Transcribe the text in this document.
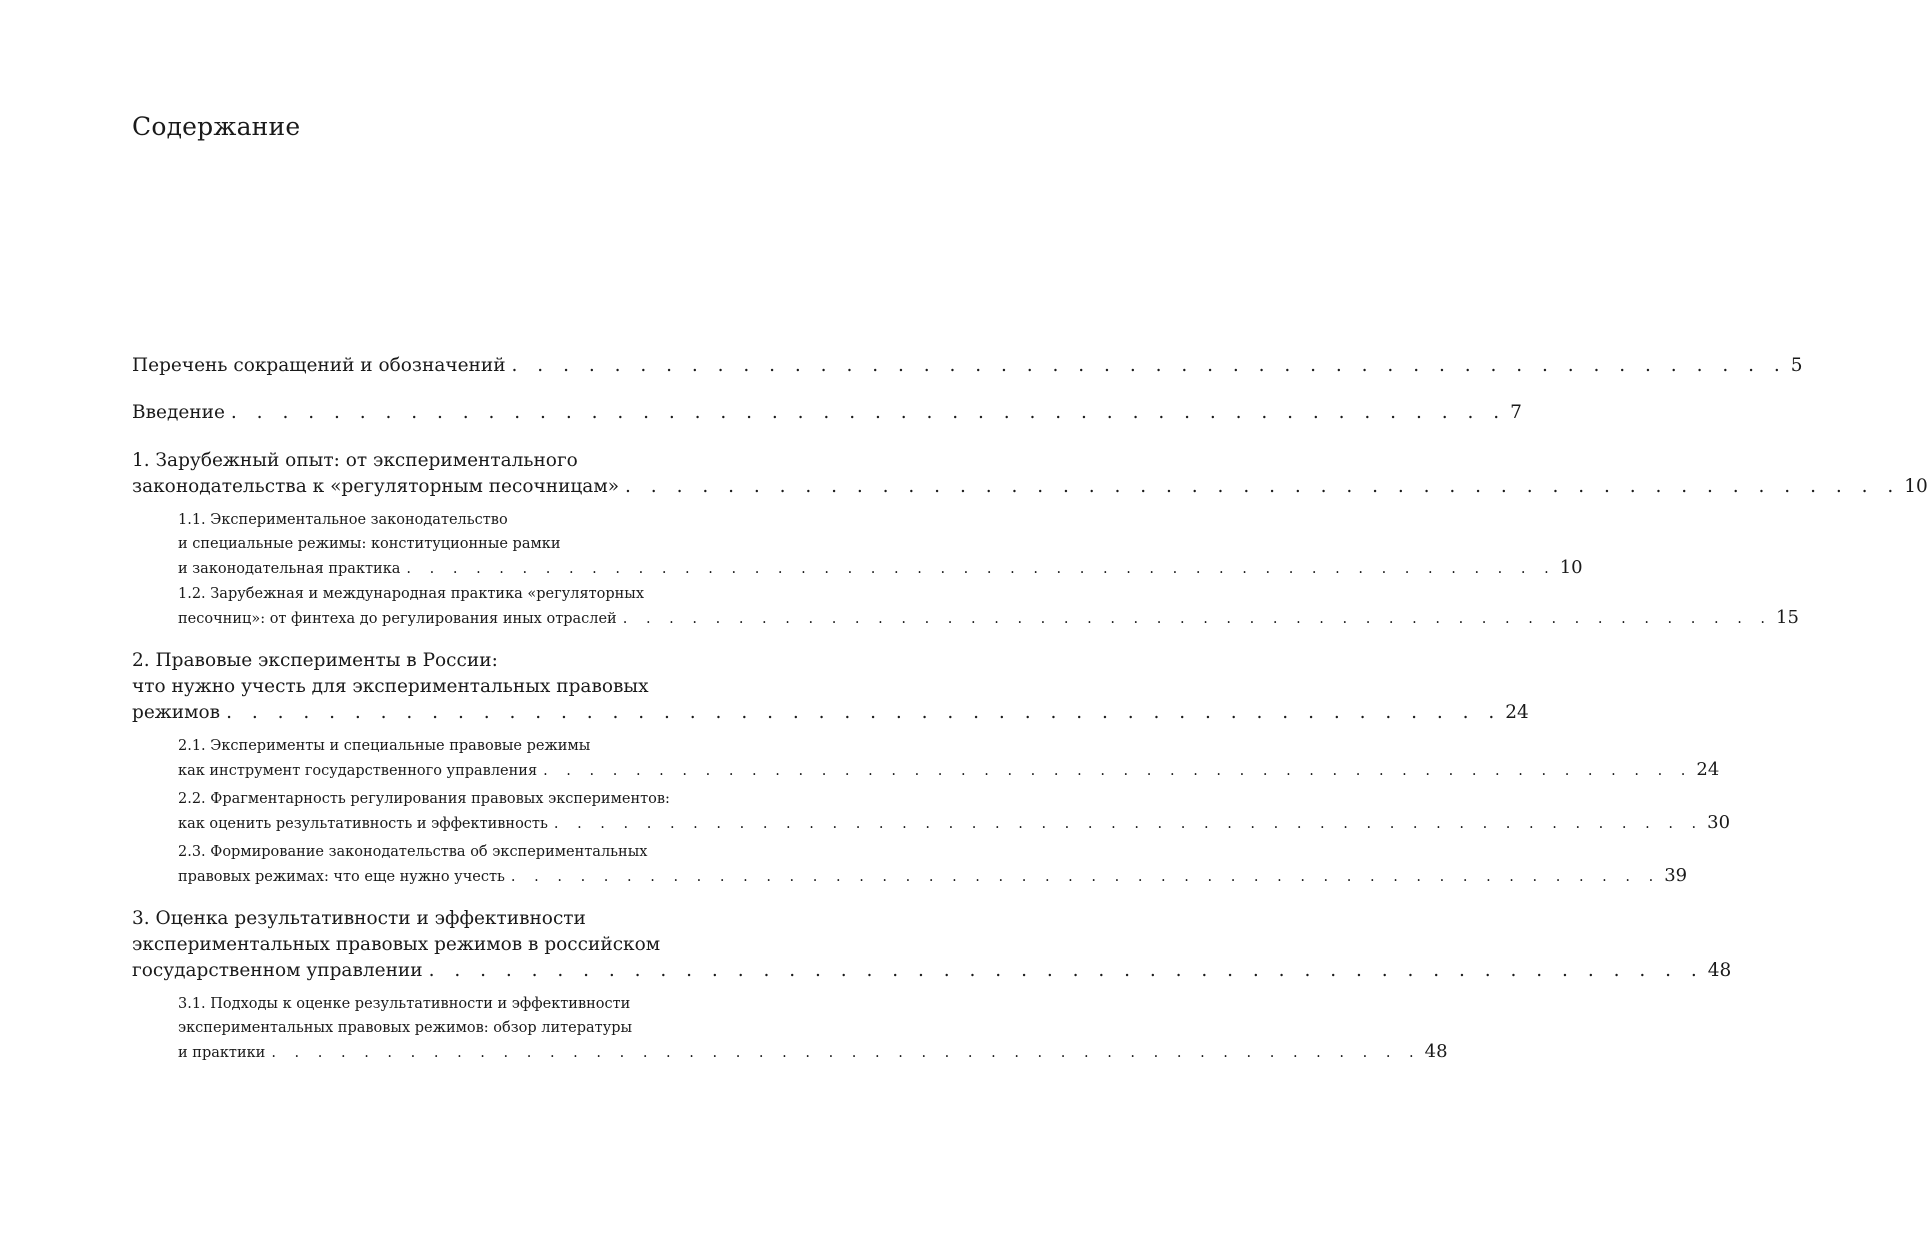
Содержание
Перечень сокращений и обозначений . . . . . . . . . . . . . . . . . . . . . . . . . . . . . . . . . . . . . . . . . . . . . . . . . . 5
Введение . . . . . . . . . . . . . . . . . . . . . . . . . . . . . . . . . . . . . . . . . . . . . . . . . . 7
1. Зарубежный опыт: от экспериментального
законодательства к «регуляторным песочницам» . . . . . . . . . . . . . . . . . . . . . . . . . . . . . . . . . . . . . . . . . . . . . . . . . . 10
1.1. Экспериментальное законодательство
и специальные режимы: конституционные рамки
и законодательная практика . . . . . . . . . . . . . . . . . . . . . . . . . . . . . . . . . . . . . . . . . . . . . . . . . . 10
1.2. Зарубежная и международная практика «регуляторных
песочниц»: от финтеха до регулирования иных отраслей . . . . . . . . . . . . . . . . . . . . . . . . . . . . . . . . . . . . . . . . . . . . . . . . . . 15
2. Правовые эксперименты в России:
что нужно учесть для экспериментальных правовых
режимов . . . . . . . . . . . . . . . . . . . . . . . . . . . . . . . . . . . . . . . . . . . . . . . . . . 24
2.1. Эксперименты и специальные правовые режимы
как инструмент государственного управления . . . . . . . . . . . . . . . . . . . . . . . . . . . . . . . . . . . . . . . . . . . . . . . . . . 24
2.2. Фрагментарность регулирования правовых экспериментов:
как оценить результативность и эффективность . . . . . . . . . . . . . . . . . . . . . . . . . . . . . . . . . . . . . . . . . . . . . . . . . . 30
2.3. Формирование законодательства об экспериментальных
правовых режимах: что еще нужно учесть . . . . . . . . . . . . . . . . . . . . . . . . . . . . . . . . . . . . . . . . . . . . . . . . . . 39
3. Оценка результативности и эффективности
экспериментальных правовых режимов в российском
государственном управлении . . . . . . . . . . . . . . . . . . . . . . . . . . . . . . . . . . . . . . . . . . . . . . . . . . 48
3.1. Подходы к оценке результативности и эффективности
экспериментальных правовых режимов: обзор литературы
и практики . . . . . . . . . . . . . . . . . . . . . . . . . . . . . . . . . . . . . . . . . . . . . . . . . . 48
